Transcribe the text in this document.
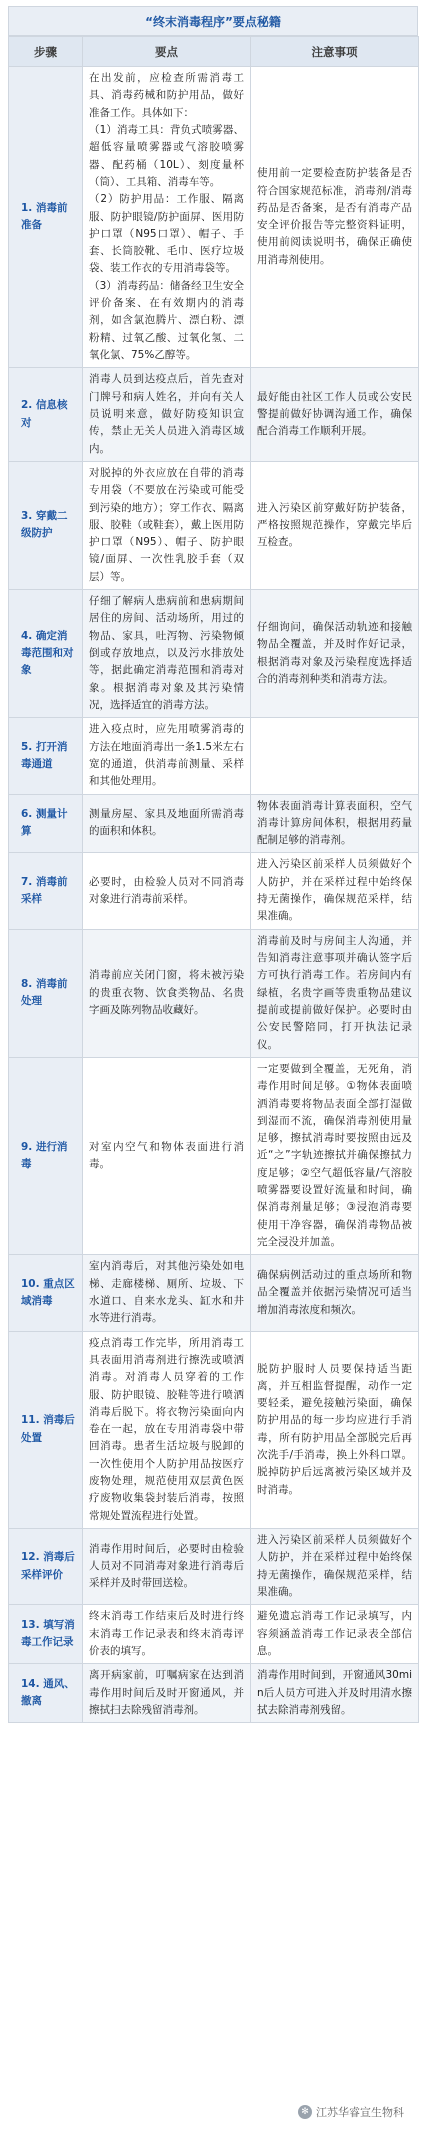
“终末消毒程序”要点秘籍
步骤	要点	注意事项
1. 消毒前准备	在出发前，应检查所需消毒工具、消毒药械和防护用品，做好准备工作。具体如下：
（1）消毒工具：背负式喷雾器、超低容量喷雾器或气溶胶喷雾器、配药桶（10L）、刻度量杯（筒）、工具箱、消毒车等。
（2）防护用品：工作服、隔离服、防护眼镜/防护面屏、医用防护口罩（N95口罩）、帽子、手套、长筒胶靴、毛巾、医疗垃圾袋、装工作衣的专用消毒袋等。
（3）消毒药品：储备经卫生安全评价备案、在有效期内的消毒剂，如含氯泡腾片、漂白粉、漂粉精、过氧乙酸、过氧化氢、二氧化氯、75%乙醇等。	使用前一定要检查防护装备是否符合国家规范标准，消毒剂/消毒药品是否备案，是否有消毒产品安全评价报告等完整资料证明，使用前阅读说明书，确保正确使用消毒剂使用。
2. 信息核对	消毒人员到达疫点后，首先查对门牌号和病人姓名，并向有关人员说明来意，做好防疫知识宣传，禁止无关人员进入消毒区域内。	最好能由社区工作人员或公安民警提前做好协调沟通工作，确保配合消毒工作顺利开展。
3. 穿戴二级防护	对脱掉的外衣应放在自带的消毒专用袋（不要放在污染或可能受到污染的地方）；穿工作衣、隔离服、胶鞋（或鞋套），戴上医用防护口罩（N95）、帽子、防护眼镜/面屏、一次性乳胶手套（双层）等。	进入污染区前穿戴好防护装备，严格按照规范操作，穿戴完毕后互检查。
4. 确定消毒范围和对象	仔细了解病人患病前和患病期间居住的房间、活动场所，用过的物品、家具，吐泻物、污染物倾倒或存放地点，以及污水排放处等，据此确定消毒范围和消毒对象。根据消毒对象及其污染情况，选择适宜的消毒方法。	仔细询问，确保活动轨迹和接触物品全覆盖，并及时作好记录，根据消毒对象及污染程度选择适合的消毒剂种类和消毒方法。
5. 打开消毒通道	进入疫点时，应先用喷雾消毒的方法在地面消毒出一条1.5米左右宽的通道，供消毒前测量、采样和其他处理用。	

6. 测量计算	测量房屋、家具及地面所需消毒的面积和体积。	物体表面消毒计算表面积，空气消毒计算房间体积，根据用药量配制足够的消毒剂。
7. 消毒前采样	必要时，由检验人员对不同消毒对象进行消毒前采样。	进入污染区前采样人员须做好个人防护，并在采样过程中始终保持无菌操作，确保规范采样，结果准确。
8. 消毒前处理	消毒前应关闭门窗，将未被污染的贵重衣物、饮食类物品、名贵字画及陈列物品收藏好。	消毒前及时与房间主人沟通，并告知消毒注意事项并确认签字后方可执行消毒工作。若房间内有绿植，名贵字画等贵重物品建议提前或提前做好保护。必要时由公安民警陪同，打开执法记录仪。
9. 进行消毒	对室内空气和物体表面进行消毒。	一定要做到全覆盖，无死角，消毒作用时间足够。①物体表面喷洒消毒要将物品表面全部打湿做到湿而不流，确保消毒剂使用量足够，擦拭消毒时要按照由远及近“之”字轨迹擦拭并确保擦拭力度足够；②空气超低容量/气溶胶喷雾器要设置好流量和时间，确保消毒剂量足够；③浸泡消毒要使用干净容器，确保消毒物品被完全浸没并加盖。
10. 重点区域消毒	室内消毒后，对其他污染处如电梯、走廊楼梯、厕所、垃圾、下水道口、自来水龙头、缸水和井水等进行消毒。	确保病例活动过的重点场所和物品全覆盖并依据污染情况可适当增加消毒浓度和频次。
11. 消毒后处置	疫点消毒工作完毕，所用消毒工具表面用消毒剂进行擦洗或喷洒消毒。对消毒人员穿着的工作服、防护眼镜、胶鞋等进行喷洒消毒后脱下。将衣物污染面向内卷在一起，放在专用消毒袋中带回消毒。患者生活垃圾与脱卸的一次性使用个人防护用品按医疗废物处理，规范使用双层黄色医疗废物收集袋封装后消毒，按照常规处置流程进行处置。	脱防护服时人员要保持适当距离，并互相监督提醒，动作一定要轻柔，避免接触污染面，确保防护用品的每一步均应进行手消毒，所有防护用品全部脱完后再次洗手/手消毒，换上外科口罩。脱掉防护后远离被污染区域并及时消毒。
12. 消毒后采样评价	消毒作用时间后，必要时由检验人员对不同消毒对象进行消毒后采样并及时带回送检。	进入污染区前采样人员须做好个人防护，并在采样过程中始终保持无菌操作，确保规范采样，结果准确。
13. 填写消毒工作记录	终末消毒工作结束后及时进行终末消毒工作记录表和终末消毒评价表的填写。	避免遗忘消毒工作记录填写，内容须涵盖消毒工作记录表全部信息。
14. 通风、撤离	离开病家前，叮嘱病家在达到消毒作用时间后及时开窗通风，并擦拭扫去除残留消毒剂。	消毒作用时间到，开窗通风30min后人员方可进入并及时用清水擦拭去除消毒剂残留。
✻ 江苏华睿宣生物科
